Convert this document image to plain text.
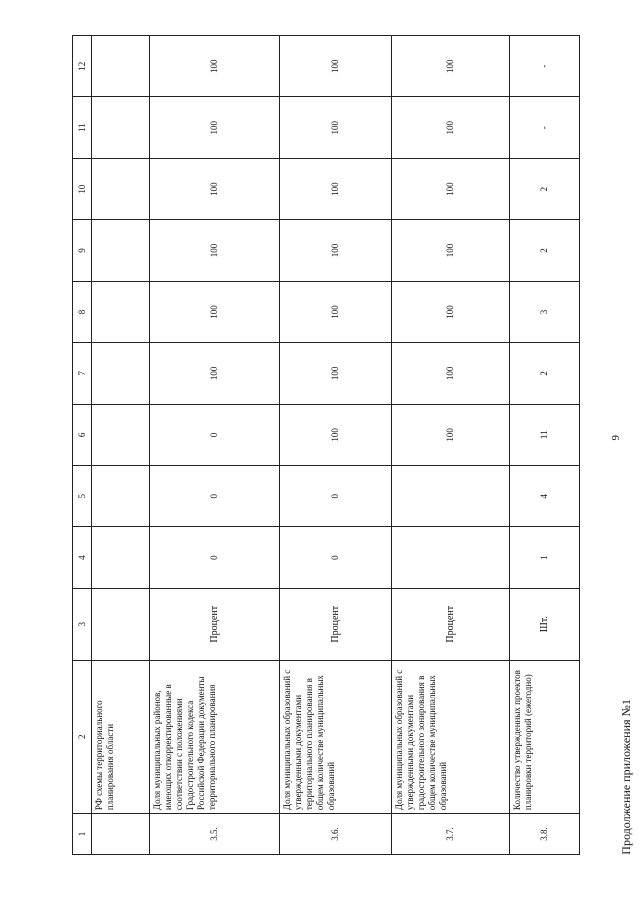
9
Продолжение приложения №1
1	2	3	4	5	6	7	8	9	10	11	12
	РФ схемы территориального планирования области										
3.5.	Доля муниципальных районов, имеющих откорректированные в соответствии с положениями Градостроительного кодекса Российской Федерации документы территориального планирования	Процент	0	0	0	100	100	100	100	100	100
3.6.	Доля муниципальных образований с утвержденными документами территориального планирования в общем количестве муниципальных образований	Процент	0	0	100	100	100	100	100	100	100
3.7.	Доля муниципальных образований с утвержденными документами градостроительного зонирования в общем количестве муниципальных образований	Процент			100	100	100	100	100	100	100
3.8.	Количество утвержденных проектов планировки территорий (ежегодно)	Шт.	1	4	11	2	3	2	2	-	-
